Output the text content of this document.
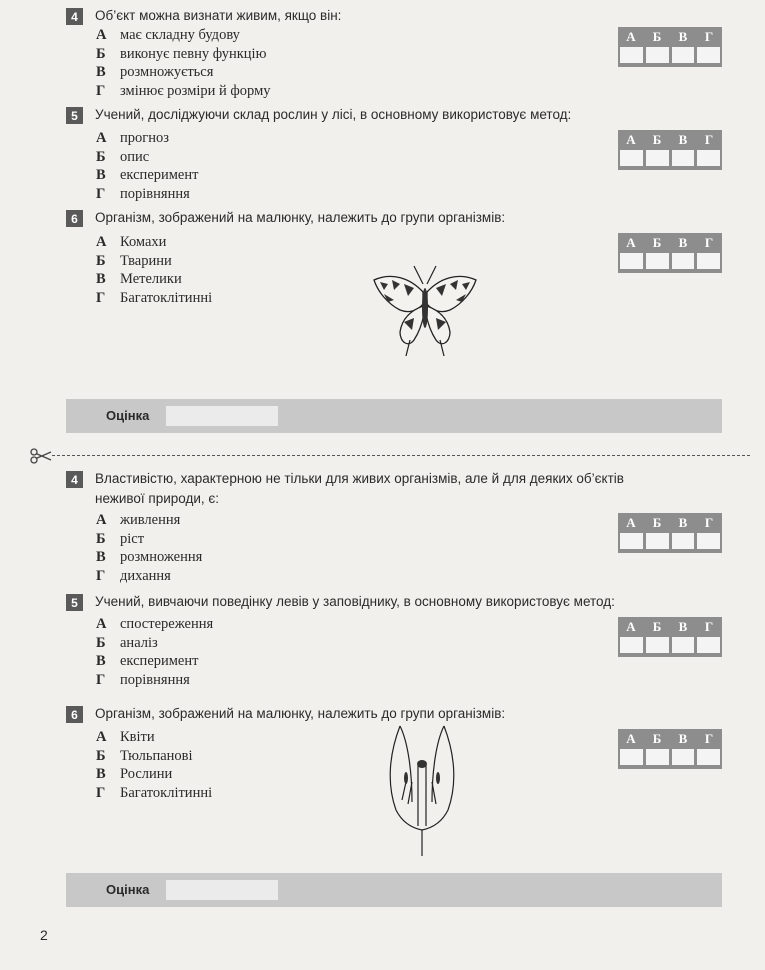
4	Об’єкт можна визнати живим, якщо він:
А має складну будову
Б виконує певну функцію
В розмножується
Г змінює розміри й форму
А	Б	В	Г
5	Учений, досліджуючи склад рослин у лісі, в основному використовує метод:
А прогноз
Б опис
В експеримент
Г порівняння
А	Б	В	Г
6	Організм, зображений на малюнку, належить до групи організмів:
А Комахи
Б Тварини
В Метелики
Г Багатоклітинні
А	Б	В	Г
Оцінка
4	Властивістю, характерною не тільки для живих організмів, але й для деяких об’єктів
неживої природи, є:
А живлення
Б ріст
В розмноження
Г дихання
А	Б	В	Г
5	Учений, вивчаючи поведінку левів у заповіднику, в основному використовує метод:
А спостереження
Б аналіз
В експеримент
Г порівняння
А	Б	В	Г
6	Організм, зображений на малюнку, належить до групи організмів:
А Квіти
Б Тюльпанові
В Рослини
Г Багатоклітинні
А	Б	В	Г
Оцінка
2
